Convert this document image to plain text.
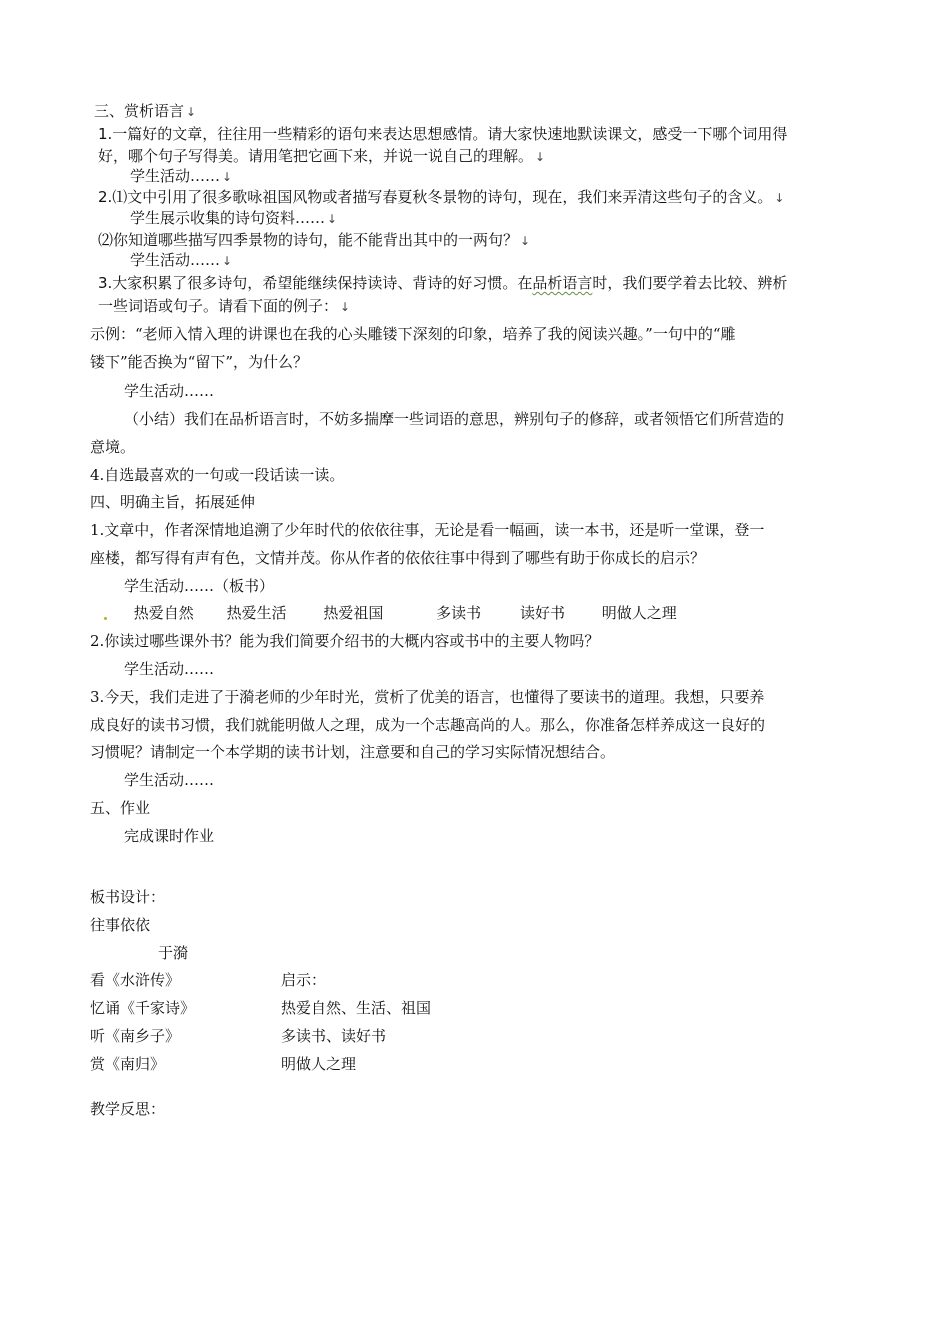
三、赏析语言 ↓
1.一篇好的文章，往往用一些精彩的语句来表达思想感情。请大家快速地默读课文，感受一下哪个词用得
好，哪个句子写得美。请用笔把它画下来，并说一说自己的理解。 ↓
学生活动…… ↓
2.⑴文中引用了很多歌咏祖国风物或者描写春夏秋冬景物的诗句，现在，我们来弄清这些句子的含义。 ↓
学生展示收集的诗句资料…… ↓
⑵你知道哪些描写四季景物的诗句，能不能背出其中的一两句？ ↓
学生活动…… ↓
3.大家积累了很多诗句，希望能继续保持读诗、背诗的好习惯。在品析语言时，我们要学着去比较、辨析
一些词语或句子。请看下面的例子： ↓
示例：“老师入情入理的讲课也在我的心头雕镂下深刻的印象，培养了我的阅读兴趣。”一句中的“雕
镂下”能否换为“留下”，为什么？
学生活动……
（小结）我们在品析语言时，不妨多揣摩一些词语的意思，辨别句子的修辞，或者领悟它们所营造的
意境。
4.自选最喜欢的一句或一段话读一读。
四、明确主旨，拓展延伸
1.文章中，作者深情地追溯了少年时代的依依往事，无论是看一幅画，读一本书，还是听一堂课，登一
座楼，都写得有声有色，文情并茂。你从作者的依依往事中得到了哪些有助于你成长的启示？
学生活动……（板书）
热爱自然 热爱生活 热爱祖国	多读书	读好书 明做人之理
2.你读过哪些课外书？能为我们简要介绍书的大概内容或书中的主要人物吗？
学生活动……
3.今天，我们走进了于漪老师的少年时光，赏析了优美的语言，也懂得了要读书的道理。我想，只要养
成良好的读书习惯，我们就能明做人之理，成为一个志趣高尚的人。那么，你准备怎样养成这一良好的
习惯呢？请制定一个本学期的读书计划，注意要和自己的学习实际情况想结合。
学生活动……
五、作业
完成课时作业
板书设计：
往事依依
于漪
看《水浒传》	启示：
忆诵《千家诗》	热爱自然、生活、祖国
听《南乡子》	多读书、读好书
赏《南归》	明做人之理
教学反思：
